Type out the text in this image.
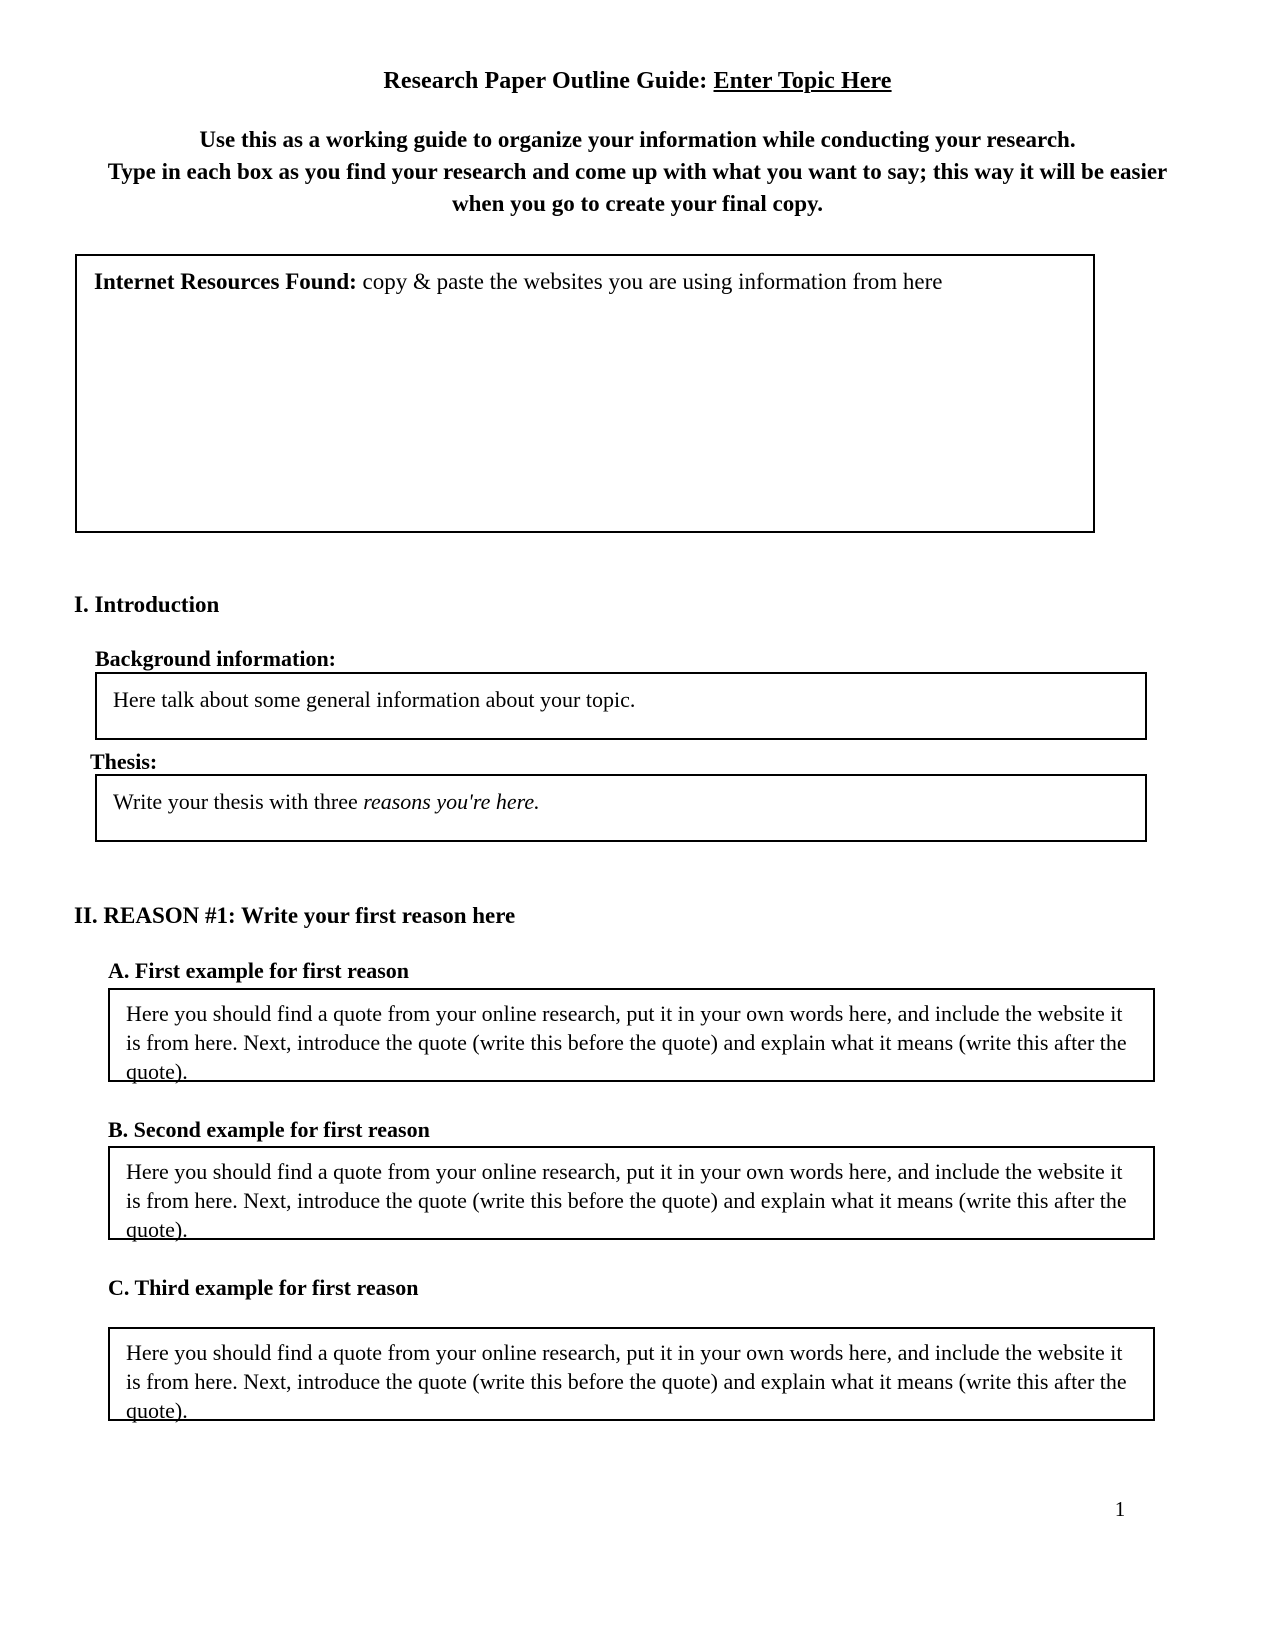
Research Paper Outline Guide: Enter Topic Here
Use this as a working guide to organize your information while conducting your research.
Type in each box as you find your research and come up with what you want to say; this way it will be easier
when you go to create your final copy.
Internet Resources Found: copy & paste the websites you are using information from here
I. Introduction
Background information:
Here talk about some general information about your topic.
Thesis:
Write your thesis with three reasons you're here.
II. REASON #1: Write your first reason here
A. First example for first reason
Here you should find a quote from your online research, put it in your own words here, and include the website it is from here. Next, introduce the quote (write this before the quote) and explain what it means (write this after the quote).
B. Second example for first reason
Here you should find a quote from your online research, put it in your own words here, and include the website it is from here. Next, introduce the quote (write this before the quote) and explain what it means (write this after the quote).
C. Third example for first reason
Here you should find a quote from your online research, put it in your own words here, and include the website it is from here. Next, introduce the quote (write this before the quote) and explain what it means (write this after the quote).
1
